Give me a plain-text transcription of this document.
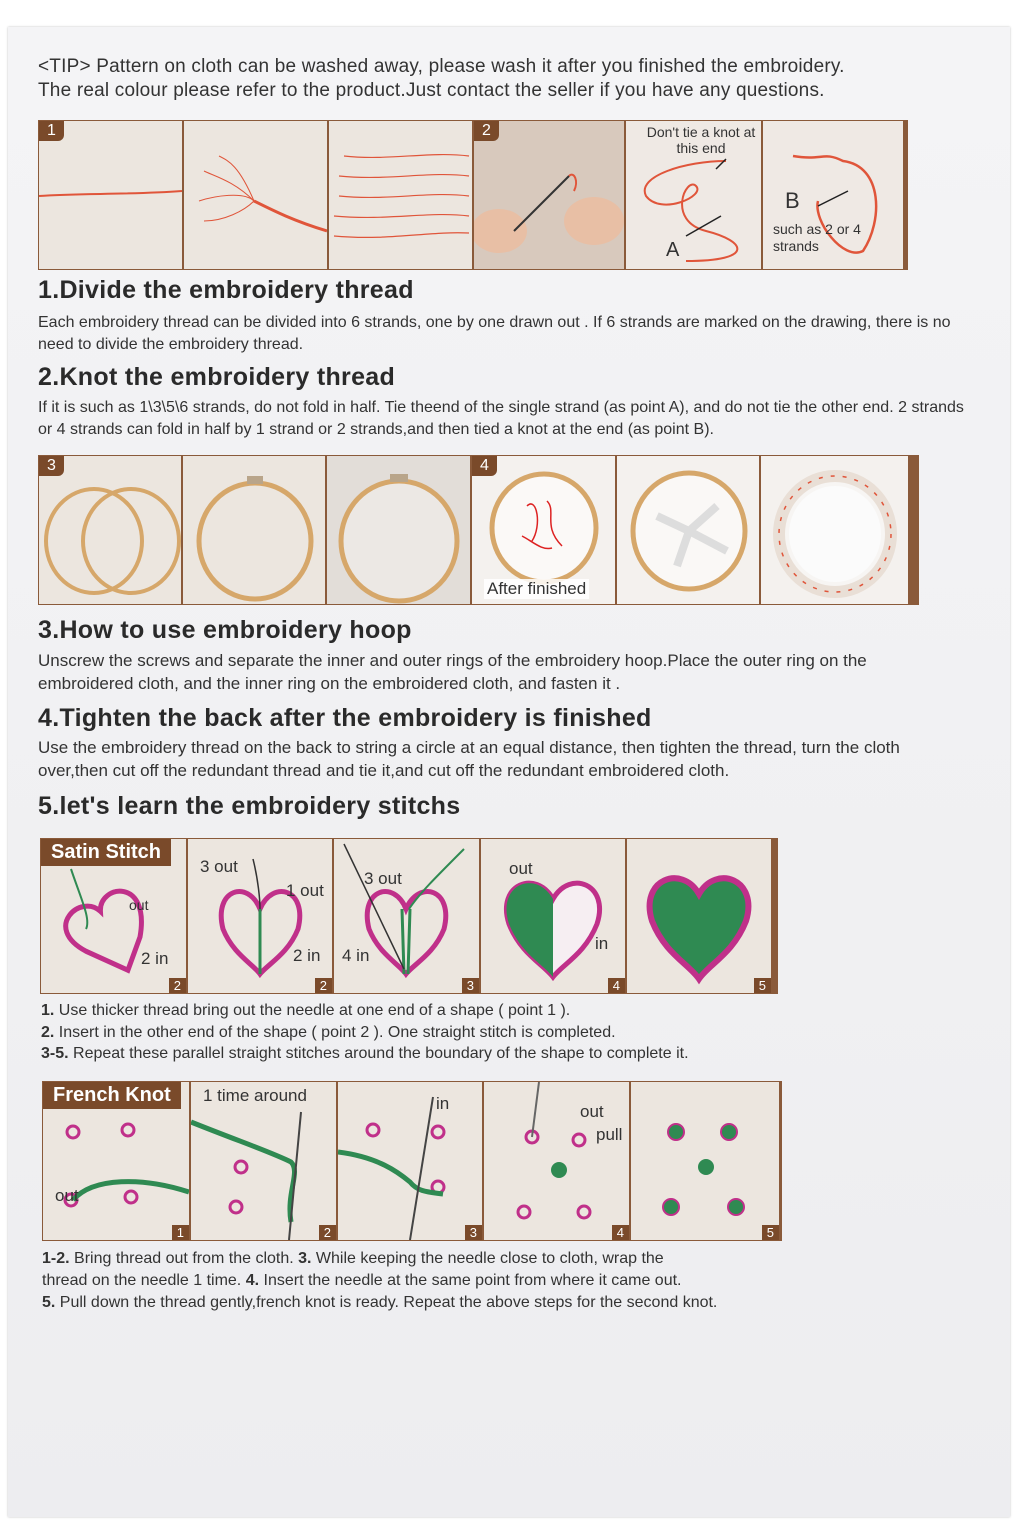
<TIP> Pattern on cloth can be washed away, please wash it after you finished the embroidery.
The real colour please refer to the product.Just contact the seller if you have any questions.
1	2	Don't tie a knot at this end
A
B
such as 2 or 4 strands
1.Divide the embroidery thread
Each embroidery thread can be divided into 6 strands, one by one drawn out . If 6 strands are marked on the drawing, there is no need to divide the embroidery thread.
2.Knot the embroidery thread
If it is such as 1\3\5\6 strands, do not fold in half. Tie theend of the single strand (as point A), and do not tie the other end. 2 strands or 4 strands can fold in half by 1 strand or 2 strands,and then tied a knot at the end (as point B).
3	4
After finished
3.How to use embroidery hoop
Unscrew the screws and separate the inner and outer rings of the embroidery hoop.Place the outer ring on the embroidered cloth, and the inner ring on the embroidered cloth, and fasten it .
4.Tighten the back after the embroidery is finished
Use the embroidery thread on the back to string a circle at an equal distance, then tighten the thread, turn the cloth over,then cut off the redundant thread and tie it,and cut off the redundant embroidered cloth.
5.let's learn the embroidery stitchs
Satin Stitch
out
2 in
2
3 out
1 out
2 in
2
3 out
4 in
3
out
in
4	5
1. Use thicker thread bring out the needle at one end of a shape ( point 1 ).
2. Insert in the other end of the shape ( point 2 ). One straight stitch is completed.
3-5. Repeat these parallel straight stitches around the boundary of the shape to complete it.
French Knot
out
1
1 time around
2
in
3
out
pull
4	5
1-2. Bring thread out from the cloth. 3. While keeping the needle close to cloth, wrap the
thread on the needle 1 time. 4. Insert the needle at the same point from where it came out.
5. Pull down the thread gently,french knot is ready. Repeat the above steps for the second knot.
